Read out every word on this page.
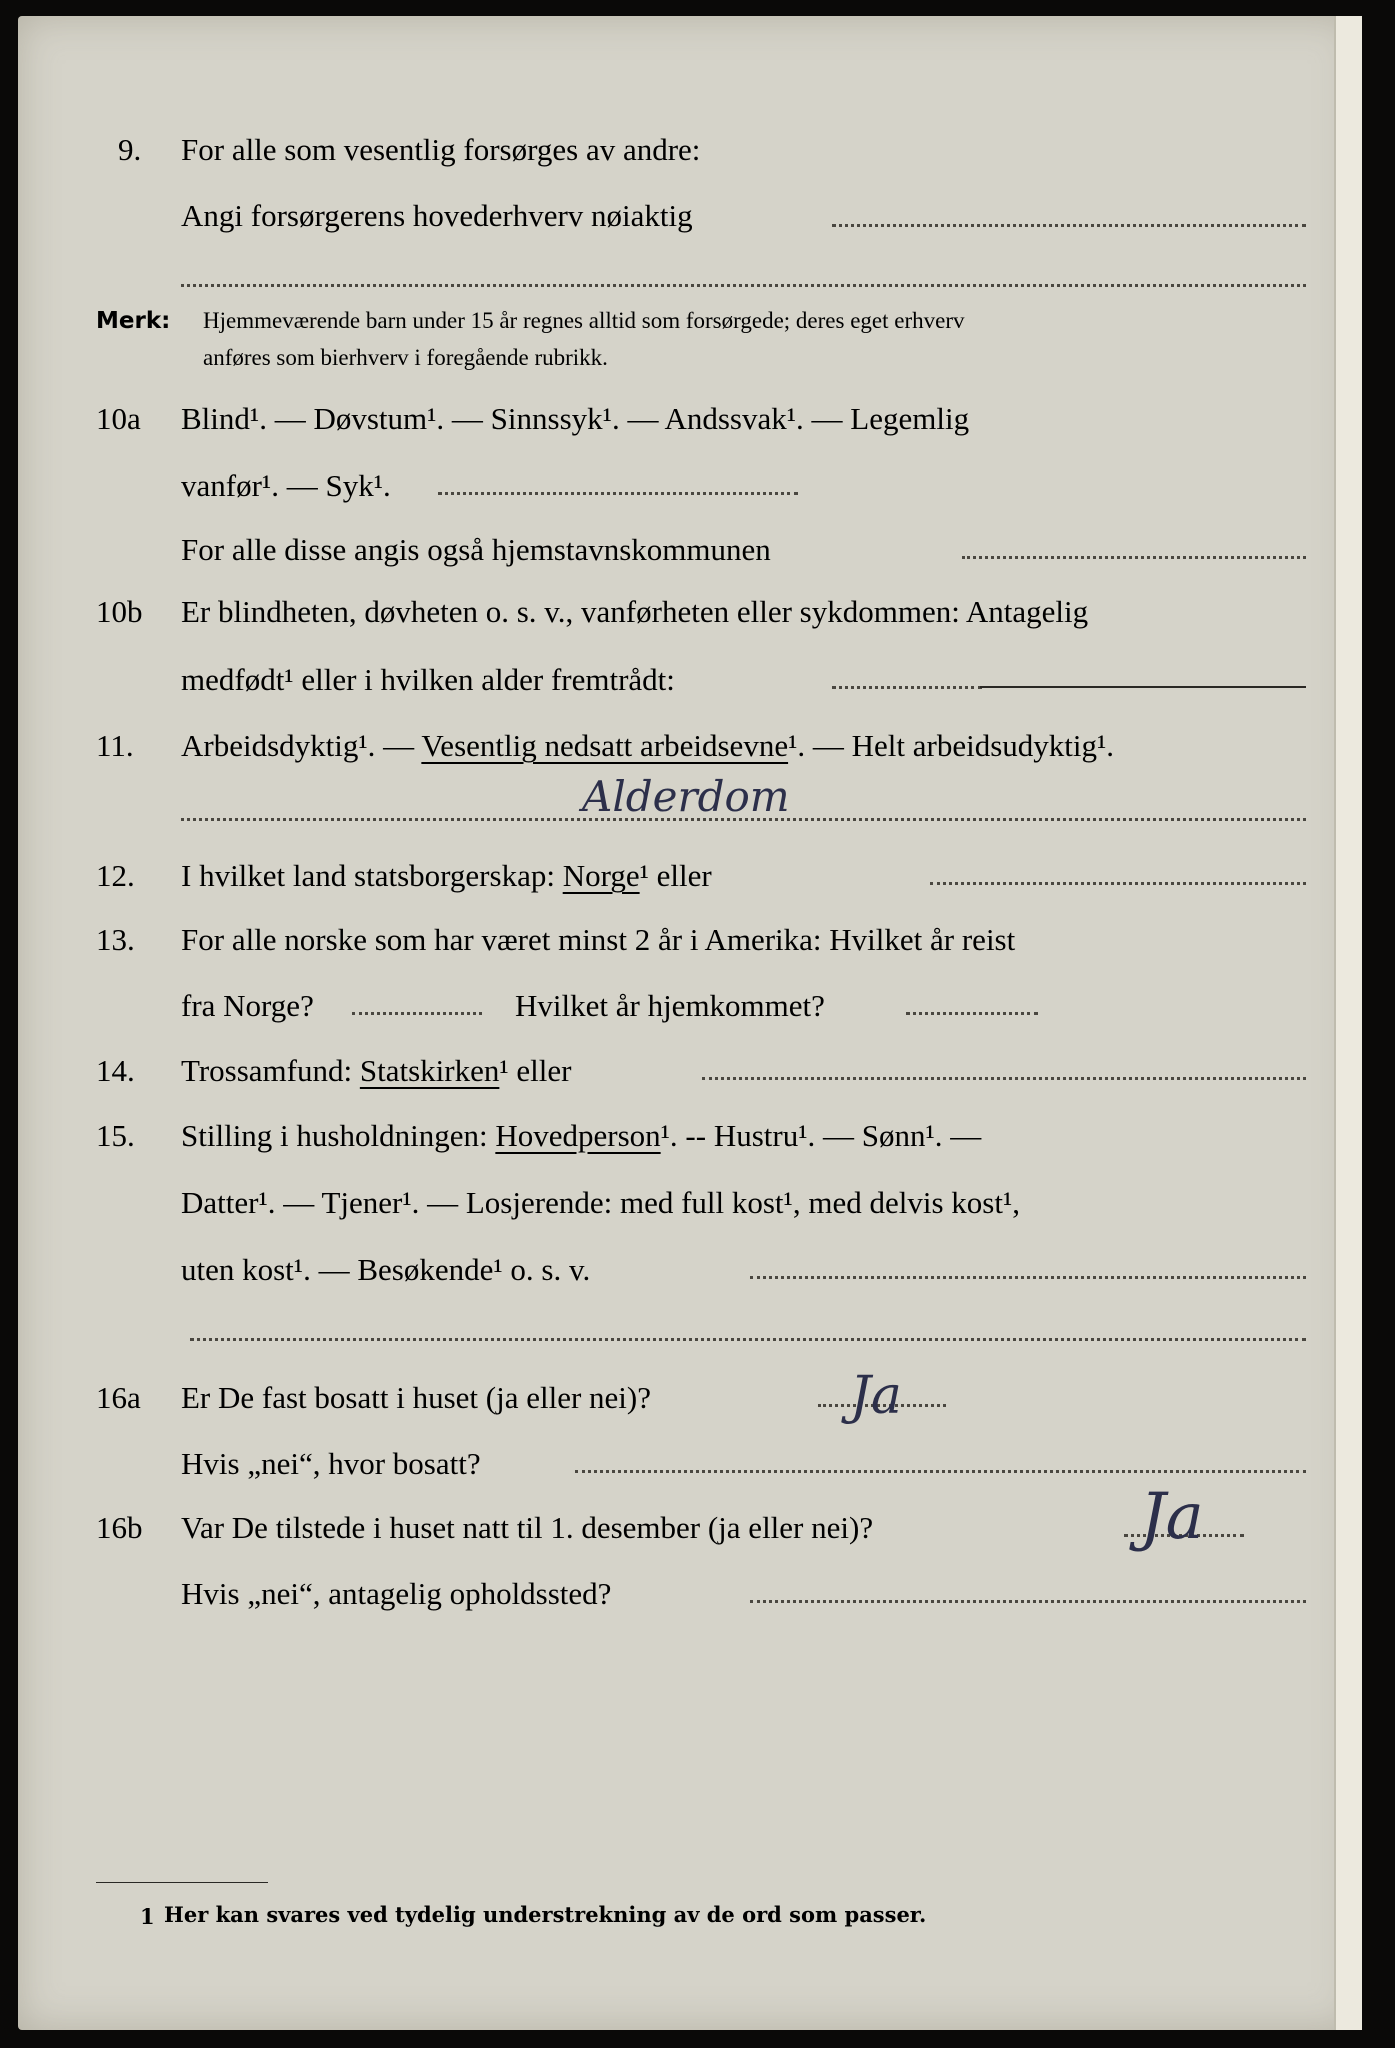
9. For alle som vesentlig forsørges av andre:
Angi forsørgerens hovederhverv nøiaktig
Merk: Hjemmeværende barn under 15 år regnes alltid som forsørgede; deres eget erhverv
anføres som bierhverv i foregående rubrikk.
10a Blind¹. — Døvstum¹. — Sinnssyk¹. — Andssvak¹. — Legemlig
vanfør¹. — Syk¹.
For alle disse angis også hjemstavnskommunen
10b Er blindheten, døvheten o. s. v., vanførheten eller sykdommen: Antagelig
medfødt¹ eller i hvilken alder fremtrådt:
11. Arbeidsdyktig¹. — Vesentlig nedsatt arbeidsevne¹. — Helt arbeidsudyktig¹.
Alderdom
12. I hvilket land statsborgerskap: Norge¹ eller
13. For alle norske som har været minst 2 år i Amerika: Hvilket år reist
fra Norge?	Hvilket år hjemkommet?
14. Trossamfund: Statskirken¹ eller
15. Stilling i husholdningen: Hovedperson¹. -- Hustru¹. — Sønn¹. —
Datter¹. — Tjener¹. — Losjerende: med full kost¹, med delvis kost¹,
uten kost¹. — Besøkende¹ o. s. v.
16a Er De fast bosatt i huset (ja eller nei)?	Ja
Hvis „nei“, hvor bosatt?
16b Var De tilstede i huset natt til 1. desember (ja eller nei)?	Ja
Hvis „nei“, antagelig opholdssted?
1 Her kan svares ved tydelig understrekning av de ord som passer.
